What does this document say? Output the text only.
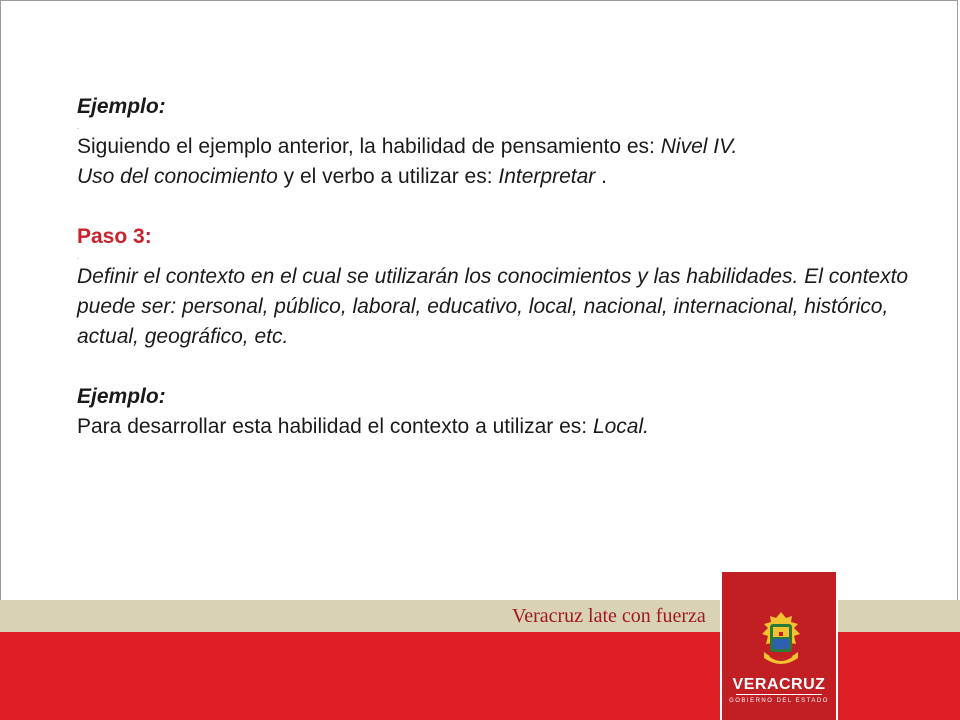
Ejemplo:

.

Siguiendo el ejemplo anterior, la habilidad de pensamiento es: Nivel IV.
Uso del conocimiento y el verbo a utilizar es: Interpretar .

Paso 3:

.

Definir el contexto en el cual se utilizarán los conocimientos y las habilidades. El contexto puede ser: personal, público, laboral, educativo, local, nacional, internacional, histórico, actual, geográfico, etc.

Ejemplo:

Para desarrollar esta habilidad el contexto a utilizar es: Local.

Veracruz late con fuerza
VERACRUZ
GOBIERNO DEL ESTADO
